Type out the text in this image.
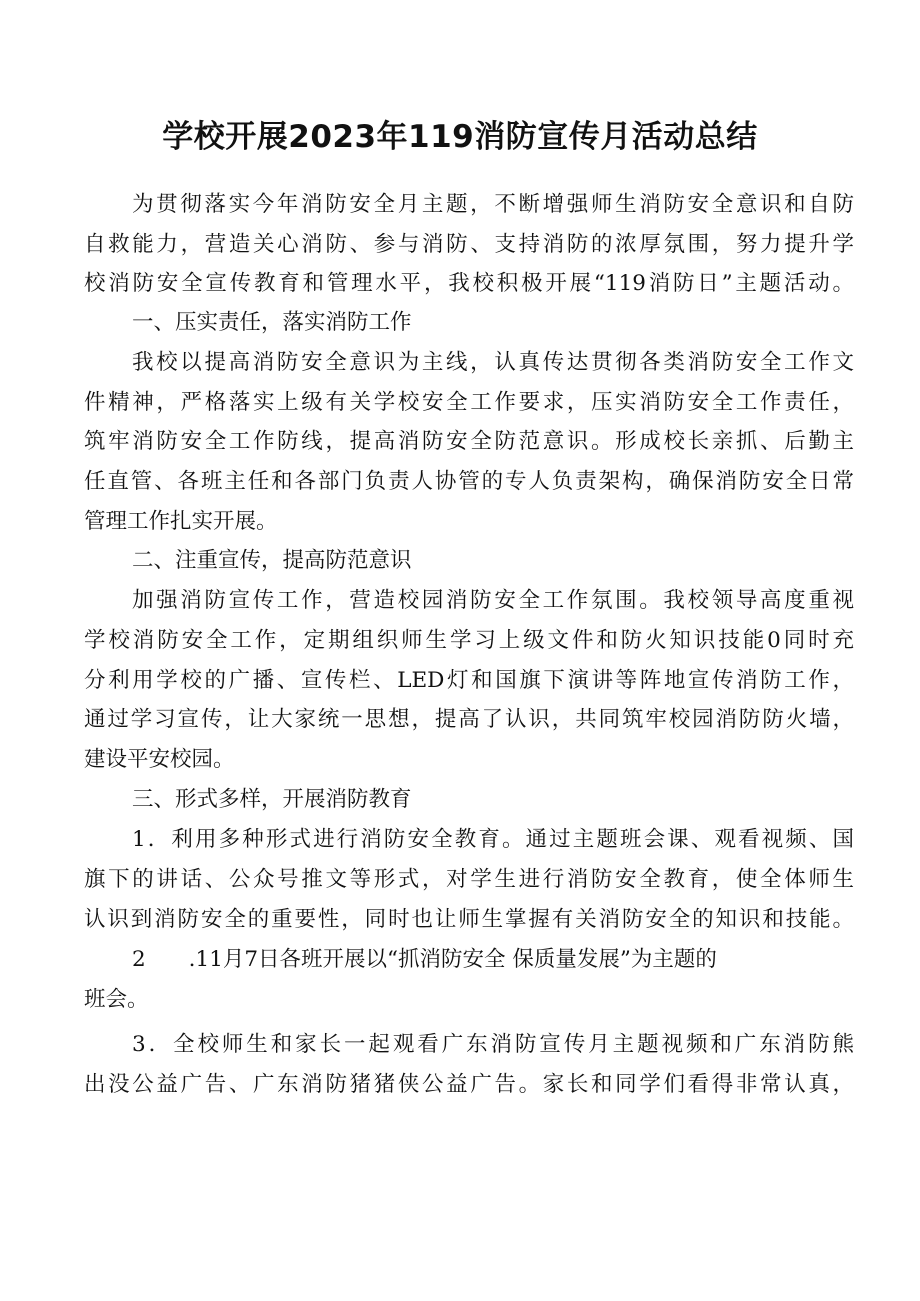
学校开展2023年119消防宣传月活动总结

为贯彻落实今年消防安全月主题，不断增强师生消防安全意识和自防

自救能力，营造关心消防、参与消防、支持消防的浓厚氛围，努力提升学

校消防安全宣传教育和管理水平，我校积极开展“119消防日”主题活动。

一、压实责任，落实消防工作

我校以提高消防安全意识为主线，认真传达贯彻各类消防安全工作文

件精神，严格落实上级有关学校安全工作要求，压实消防安全工作责任，

筑牢消防安全工作防线，提高消防安全防范意识。形成校长亲抓、后勤主

任直管、各班主任和各部门负责人协管的专人负责架构，确保消防安全日常

管理工作扎实开展。

二、注重宣传，提高防范意识

加强消防宣传工作，营造校园消防安全工作氛围。我校领导高度重视

学校消防安全工作，定期组织师生学习上级文件和防火知识技能0同时充

分利用学校的广播、宣传栏、LED灯和国旗下演讲等阵地宣传消防工作，

通过学习宣传，让大家统一思想，提高了认识，共同筑牢校园消防防火墙，

建设平安校园。

三、形式多样，开展消防教育

1．利用多种形式进行消防安全教育。通过主题班会课、观看视频、国

旗下的讲话、公众号推文等形式，对学生进行消防安全教育，使全体师生

认识到消防安全的重要性，同时也让师生掌握有关消防安全的知识和技能。

2　　.11月7日各班开展以“抓消防安全 保质量发展”为主题的

班会。

3．全校师生和家长一起观看广东消防宣传月主题视频和广东消防熊

出没公益广告、广东消防猪猪侠公益广告。家长和同学们看得非常认真，
